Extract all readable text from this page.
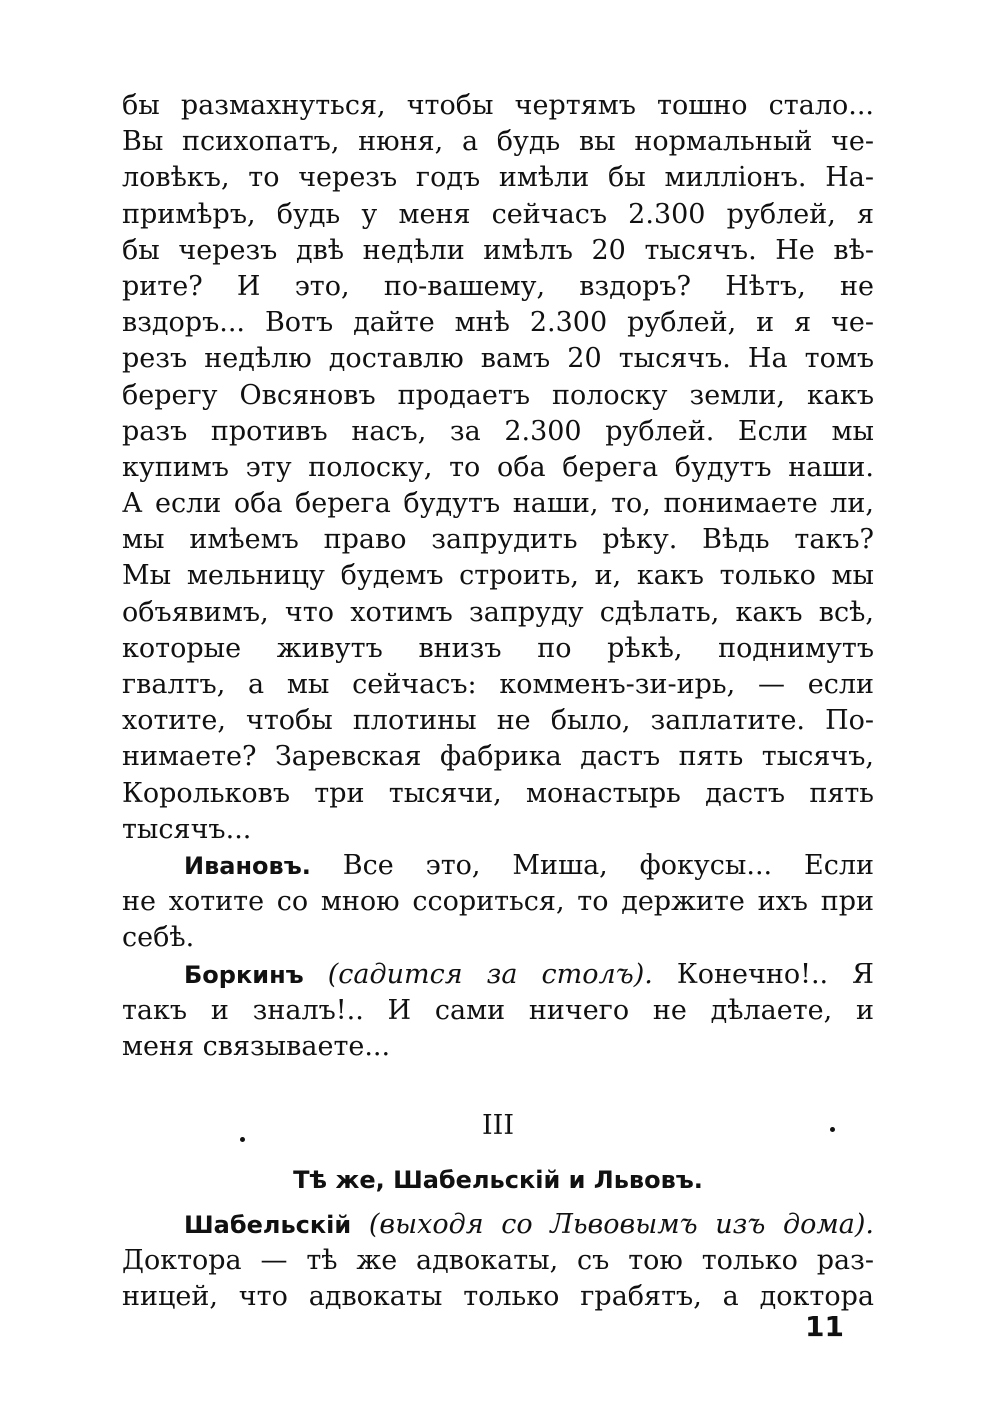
бы размахнуться, чтобы чертямъ тошно стало...
Вы психопатъ, нюня, а будь вы нормальный че-
ловѣкъ, то черезъ годъ имѣли бы милліонъ. На-
примѣръ, будь у меня сейчасъ 2.300 рублей, я
бы черезъ двѣ недѣли имѣлъ 20 тысячъ. Не вѣ-
рите? И это, по-вашему, вздоръ? Нѣтъ, не
вздоръ... Вотъ дайте мнѣ 2.300 рублей, и я че-
резъ недѣлю доставлю вамъ 20 тысячъ. На томъ
берегу Овсяновъ продаетъ полоску земли, какъ
разъ противъ насъ, за 2.300 рублей. Если мы
купимъ эту полоску, то оба берега будутъ наши.
А если оба берега будутъ наши, то, понимаете ли,
мы имѣемъ право запрудить рѣку. Вѣдь такъ?
Мы мельницу будемъ строить, и, какъ только мы
объявимъ, что хотимъ запруду сдѣлать, какъ всѣ,
которые живутъ внизъ по рѣкѣ, поднимутъ
гвалтъ, а мы сейчасъ: комменъ-зи-ирь, — если
хотите, чтобы плотины не было, заплатите. По-
нимаете? Заревская фабрика дастъ пять тысячъ,
Корольковъ три тысячи, монастырь дастъ пять
тысячъ...
Ивановъ. Все это, Миша, фокусы... Если
не хотите со мною ссориться, то держите ихъ при
себѣ.
Боркинъ (садится за столъ). Конечно!.. Я
такъ и зналъ!.. И сами ничего не дѣлаете, и
меня связываете...
III
Тѣ же, Шабельскій и Львовъ.
Шабельскій (выходя со Львовымъ изъ дома).
Доктора — тѣ же адвокаты, съ тою только раз-
ницей, что адвокаты только грабятъ, а доктора
11
